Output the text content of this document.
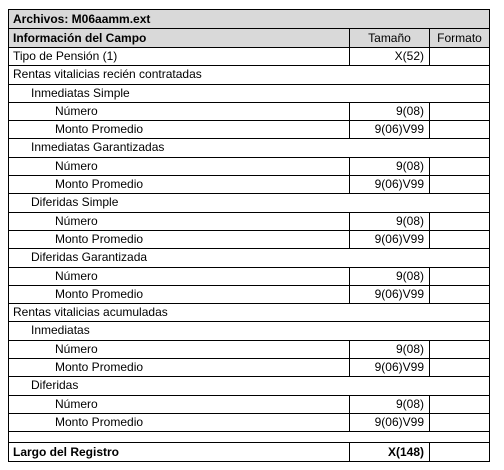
Archivos: M06aamm.ext
Información del Campo	Tamaño	Formato
Tipo de Pensión (1)	X(52)
Rentas vitalicias recién contratadas
Inmediatas Simple
Número	9(08)
Monto Promedio	9(06)V99
Inmediatas Garantizadas
Número	9(08)
Monto Promedio	9(06)V99
Diferidas Simple
Número	9(08)
Monto Promedio	9(06)V99
Diferidas Garantizada
Número	9(08)
Monto Promedio	9(06)V99
Rentas vitalicias acumuladas
Inmediatas
Número	9(08)
Monto Promedio	9(06)V99
Diferidas
Número	9(08)
Monto Promedio	9(06)V99
Largo del Registro	X(148)
